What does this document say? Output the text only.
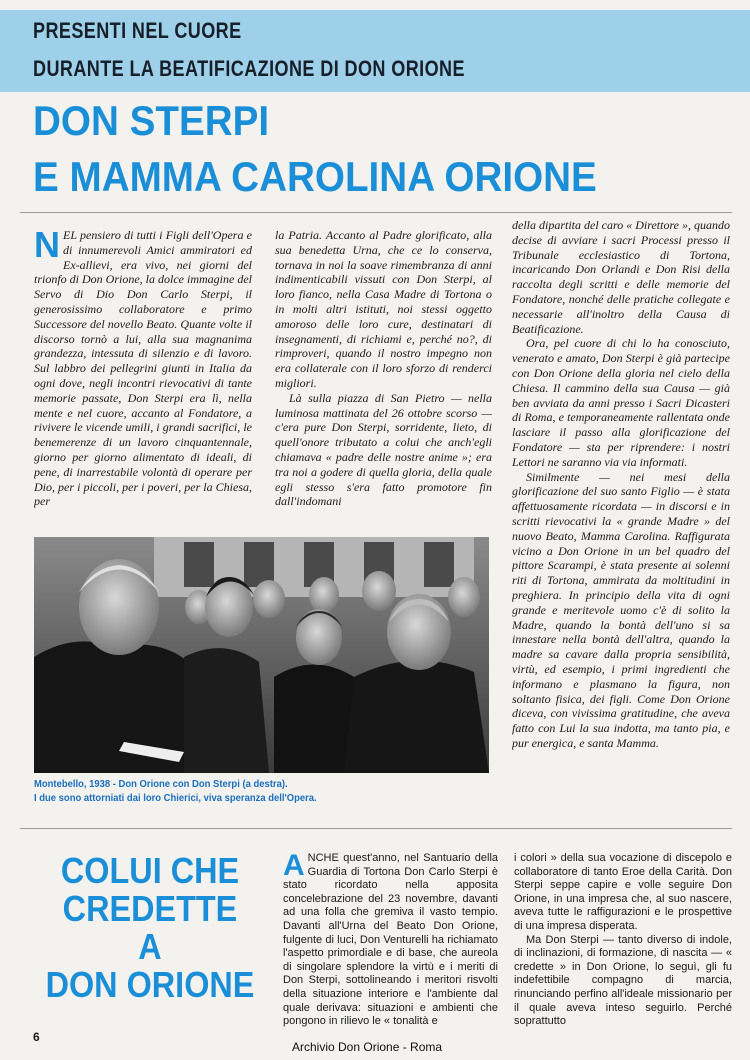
PRESENTI NEL CUORE
DURANTE LA BEATIFICAZIONE DI DON ORIONE
DON STERPI
E MAMMA CAROLINA ORIONE

NEL pensiero di tutti i Figli dell'Opera e di innumerevoli Amici ammiratori ed Ex-allievi, era vivo, nei giorni del trionfo di Don Orione, la dolce immagine del Servo di Dio Don Carlo Sterpi, il generosissimo collaboratore e primo Successore del novello Beato. Quante volte il discorso tornò a lui, alla sua magnanima grandezza, intessuta di silenzio e di lavoro. Sul labbro dei pellegrini giunti in Italia da ogni dove, negli incontri rievocativi di tante memorie passate, Don Sterpi era lì, nella mente e nel cuore, accanto al Fondatore, a rivivere le vicende umili, i grandi sacrifici, le benemerenze di un lavoro cinquantennale, giorno per giorno alimentato di ideali, di pene, di inarrestabile volontà di operare per Dio, per i piccoli, per i poveri, per la Chiesa, per

la Patria. Accanto al Padre glorificato, alla sua benedetta Urna, che ce lo conserva, tornava in noi la soave rimembranza di anni indimenticabili vissuti con Don Sterpi, al loro fianco, nella Casa Madre di Tortona o in molti altri istituti, noi stessi oggetto amoroso delle loro cure, destinatari di insegnamenti, di richiami e, perché no?, di rimproveri, quando il nostro impegno non era collaterale con il loro sforzo di renderci migliori.

Là sulla piazza di San Pietro — nella luminosa mattinata del 26 ottobre scorso — c'era pure Don Sterpi, sorridente, lieto, di quell'onore tributato a colui che anch'egli chiamava « padre delle nostre anime »; era tra noi a godere di quella gloria, della quale egli stesso s'era fatto promotore fin dall'indomani

della dipartita del caro « Direttore », quando decise di avviare i sacri Processi presso il Tribunale ecclesiastico di Tortona, incaricando Don Orlandi e Don Risi della raccolta degli scritti e delle memorie del Fondatore, nonché delle pratiche collegate e necessarie all'inoltro della Causa di Beatificazione.

Ora, pel cuore di chi lo ha conosciuto, venerato e amato, Don Sterpi è già partecipe con Don Orione della gloria nel cielo della Chiesa. Il cammino della sua Causa — già ben avviata da anni presso i Sacri Dicasteri di Roma, e temporaneamente rallentata onde lasciare il passo alla glorificazione del Fondatore — sta per riprendere: i nostri Lettori ne saranno via via informati.

Similmente — nei mesi della glorificazione del suo santo Figlio — è stata affettuosamente ricordata — in discorsi e in scritti rievocativi la « grande Madre » del nuovo Beato, Mamma Carolina. Raffigurata vicino a Don Orione in un bel quadro del pittore Scarampi, è stata presente ai solenni riti di Tortona, ammirata da moltitudini in preghiera. In principio della vita di ogni grande e meritevole uomo c'è di solito la Madre, quando la bontà dell'uno si sa innestare nella bontà dell'altra, quando la madre sa cavare dalla propria sensibilità, virtù, ed esempio, i primi ingredienti che informano e plasmano la figura, non soltanto fisica, dei figli. Come Don Orione diceva, con vivissima gratitudine, che aveva fatto con Lui la sua indotta, ma tanto pia, e pur energica, e santa Mamma.

Montebello, 1938 - Don Orione con Don Sterpi (a destra).
I due sono attorniati dai loro Chierici, viva speranza dell'Opera.
COLUI CHE
CREDETTE
A
DON ORIONE

ANCHE quest'anno, nel Santuario della Guardia di Tortona Don Carlo Sterpi è stato ricordato nella apposita concelebrazione del 23 novembre, davanti ad una folla che gremiva il vasto tempio. Davanti all'Urna del Beato Don Orione, fulgente di luci, Don Venturelli ha richiamato l'aspetto primordiale e di base, che aureola di singolare splendore la virtù e i meriti di Don Sterpi, sottolineando i meritori risvolti della situazione interiore e l'ambiente dal quale derivava: situazioni e ambienti che pongono in rilievo le « tonalità e

i colori » della sua vocazione di discepolo e collaboratore di tanto Eroe della Carità. Don Sterpi seppe capire e volle seguire Don Orione, in una impresa che, al suo nascere, aveva tutte le raffigurazioni e le prospettive di una impresa disperata.

Ma Don Sterpi — tanto diverso di indole, di inclinazioni, di formazione, di nascita — « credette » in Don Orione, lo seguì, gli fu indefettibile compagno di marcia, rinunciando perfino all'ideale missionario per il quale aveva inteso seguirlo. Perché soprattutto

6
Archivio Don Orione - Roma
